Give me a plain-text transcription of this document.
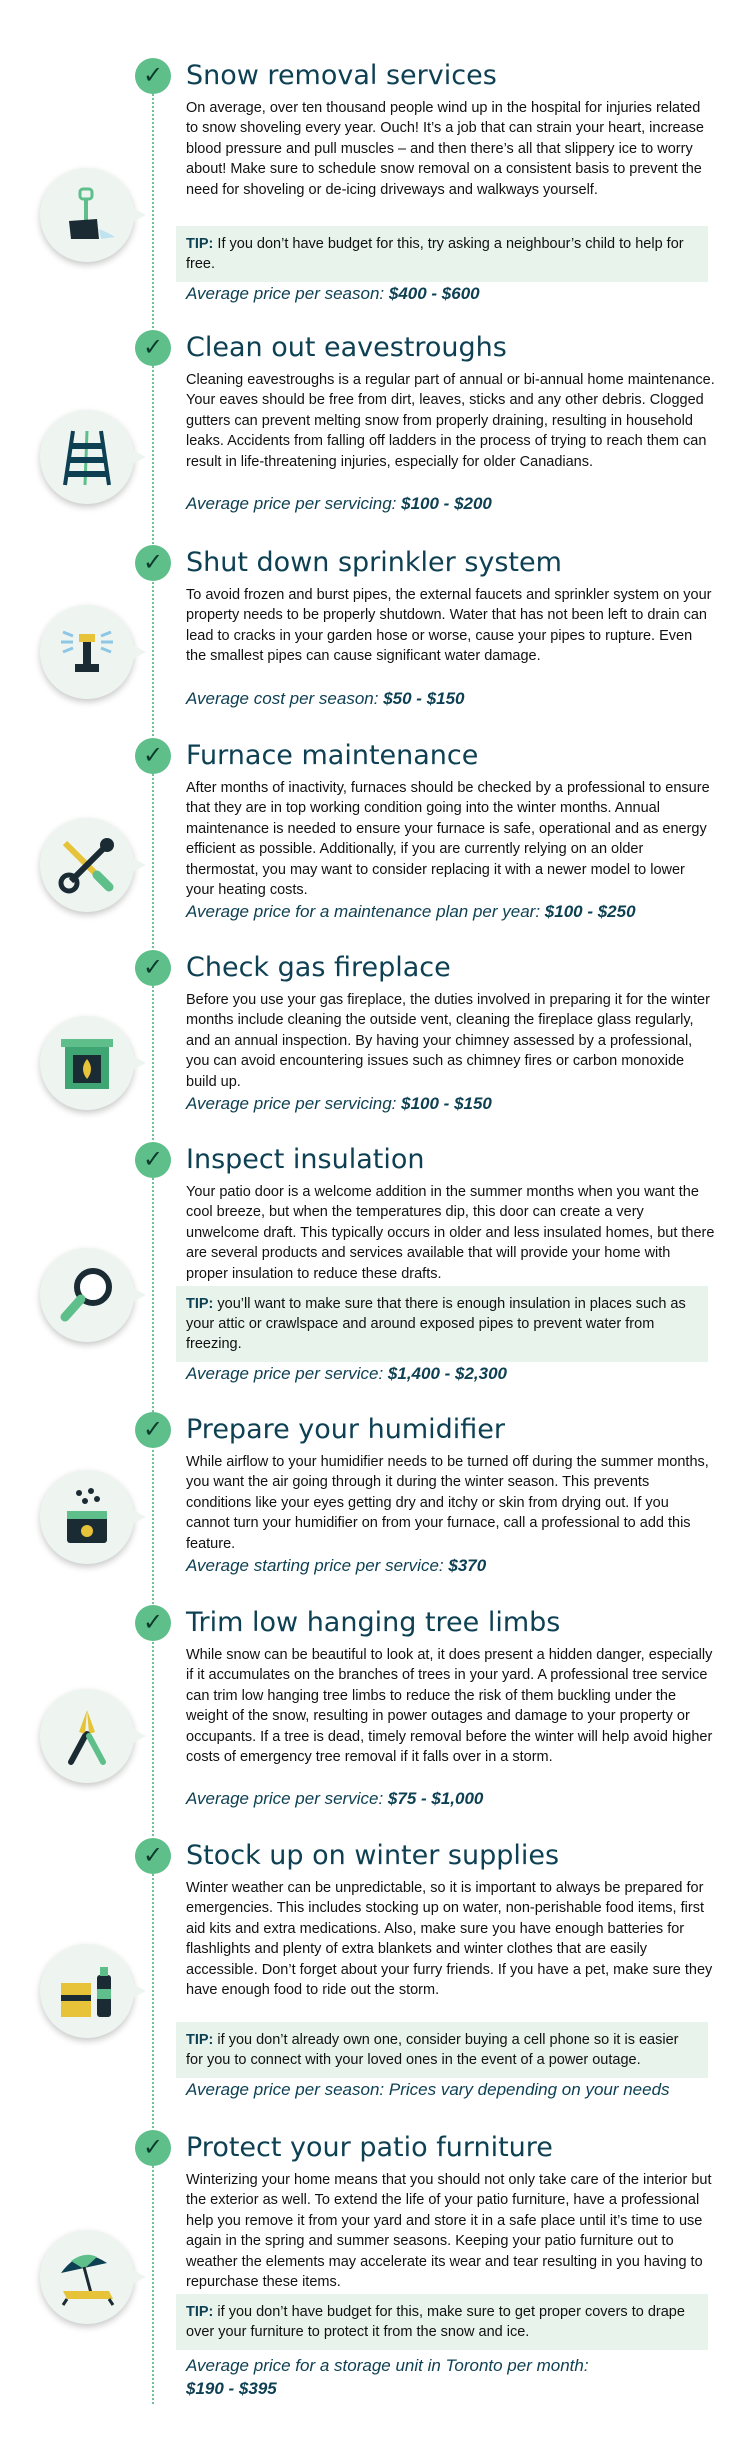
✓ Snow removal services

On average, over ten thousand people wind up in the hospital for injuries related to snow shoveling every year. Ouch! It’s a job that can strain your heart, increase blood pressure and pull muscles – and then there’s all that slippery ice to worry about! Make sure to schedule snow removal on a consistent basis to prevent the need for shoveling or de-icing driveways and walkways yourself.

TIP: If you don’t have budget for this, try asking a neighbour’s child to help for free.

Average price per season: $400 - $600

✓ Clean out eavestroughs

Cleaning eavestroughs is a regular part of annual or bi-annual home maintenance. Your eaves should be free from dirt, leaves, sticks and any other debris. Clogged gutters can prevent melting snow from properly draining, resulting in household leaks. Accidents from falling off ladders in the process of trying to reach them can result in life-threatening injuries, especially for older Canadians.

Average price per servicing: $100 - $200

✓ Shut down sprinkler system

To avoid frozen and burst pipes, the external faucets and sprinkler system on your property needs to be properly shutdown. Water that has not been left to drain can lead to cracks in your garden hose or worse, cause your pipes to rupture. Even the smallest pipes can cause significant water damage.

Average cost per season: $50 - $150

✓ Furnace maintenance

After months of inactivity, furnaces should be checked by a professional to ensure that they are in top working condition going into the winter months. Annual maintenance is needed to ensure your furnace is safe, operational and as energy efficient as possible. Additionally, if you are currently relying on an older thermostat, you may want to consider replacing it with a newer model to lower your heating costs.

Average price for a maintenance plan per year: $100 - $250

✓ Check gas fireplace

Before you use your gas fireplace, the duties involved in preparing it for the winter months include cleaning the outside vent, cleaning the fireplace glass regularly, and an annual inspection. By having your chimney assessed by a professional, you can avoid encountering issues such as chimney fires or carbon monoxide build up.

Average price per servicing: $100 - $150

✓ Inspect insulation

Your patio door is a welcome addition in the summer months when you want the cool breeze, but when the temperatures dip, this door can create a very unwelcome draft. This typically occurs in older and less insulated homes, but there are several products and services available that will provide your home with proper insulation to reduce these drafts.

TIP: you’ll want to make sure that there is enough insulation in places such as your attic or crawlspace and around exposed pipes to prevent water from freezing.

Average price per service: $1,400 - $2,300

✓ Prepare your humidifier

While airflow to your humidifier needs to be turned off during the summer months, you want the air going through it during the winter season. This prevents conditions like your eyes getting dry and itchy or skin from drying out. If you cannot turn your humidifier on from your furnace, call a professional to add this feature.

Average starting price per service: $370

✓ Trim low hanging tree limbs

While snow can be beautiful to look at, it does present a hidden danger, especially if it accumulates on the branches of trees in your yard. A professional tree service can trim low hanging tree limbs to reduce the risk of them buckling under the weight of the snow, resulting in power outages and damage to your property or occupants. If a tree is dead, timely removal before the winter will help avoid higher costs of emergency tree removal if it falls over in a storm.

Average price per service: $75 - $1,000

✓ Stock up on winter supplies

Winter weather can be unpredictable, so it is important to always be prepared for emergencies. This includes stocking up on water, non-perishable food items, first aid kits and extra medications. Also, make sure you have enough batteries for flashlights and plenty of extra blankets and winter clothes that are easily accessible. Don’t forget about your furry friends. If you have a pet, make sure they have enough food to ride out the storm.

TIP: if you don’t already own one, consider buying a cell phone so it is easier for you to connect with your loved ones in the event of a power outage.

Average price per season: Prices vary depending on your needs

✓ Protect your patio furniture

Winterizing your home means that you should not only take care of the interior but the exterior as well. To extend the life of your patio furniture, have a professional help you remove it from your yard and store it in a safe place until it’s time to use again in the spring and summer seasons. Keeping your patio furniture out to weather the elements may accelerate its wear and tear resulting in you having to repurchase these items.

TIP: if you don’t have budget for this, make sure to get proper covers to drape over your furniture to protect it from the snow and ice.

Average price for a storage unit in Toronto per month:
$190 - $395
